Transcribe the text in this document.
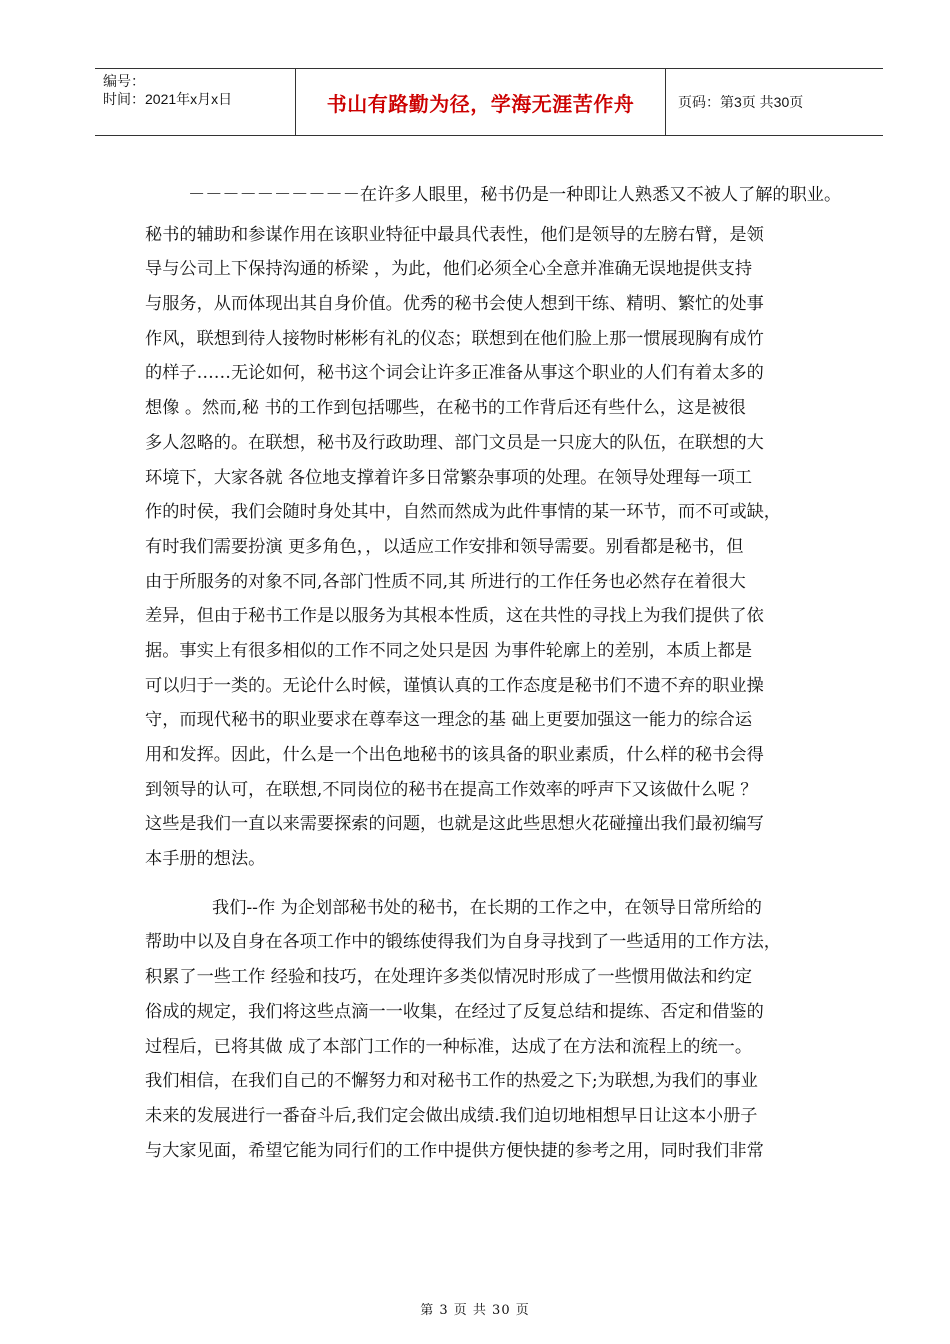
编号：
时间：2021年x月x日	书山有路勤为径，学海无涯苦作舟	页码：第3页 共30页
－－－－－－－－－－在许多人眼里，秘书仍是一种即让人熟悉又不被人了解的职业。
秘书的辅助和参谋作用在该职业特征中最具代表性，他们是领导的左膀右臂，是领
导与公司上下保持沟通的桥梁 ，为此，他们必须全心全意并准确无误地提供支持
与服务，从而体现出其自身价值。优秀的秘书会使人想到干练、精明、繁忙的处事
作风，联想到待人接物时彬彬有礼的仪态；联想到在他们脸上那一惯展现胸有成竹
的样子……无论如何，秘书这个词会让许多正准备从事这个职业的人们有着太多的
想像 。然而,秘 书的工作到包括哪些，在秘书的工作背后还有些什么，这是被很
多人忽略的。在联想，秘书及行政助理、部门文员是一只庞大的队伍，在联想的大
环境下，大家各就 各位地支撑着许多日常繁杂事项的处理。在领导处理每一项工
作的时侯，我们会随时身处其中，自然而然成为此件事情的某一环节，而不可或缺，
有时我们需要扮演 更多角色，，以适应工作安排和领导需要。别看都是秘书，但
由于所服务的对象不同,各部门性质不同,其 所进行的工作任务也必然存在着很大
差异，但由于秘书工作是以服务为其根本性质，这在共性的寻找上为我们提供了依
据。事实上有很多相似的工作不同之处只是因 为事件轮廓上的差别，本质上都是
可以归于一类的。无论什么时候，谨慎认真的工作态度是秘书们不遗不弃的职业操
守，而现代秘书的职业要求在尊奉这一理念的基 础上更要加强这一能力的综合运
用和发挥。因此，什么是一个出色地秘书的该具备的职业素质，什么样的秘书会得
到领导的认可，在联想,不同岗位的秘书在提高工作效率的呼声下又该做什么呢 ？
这些是我们一直以来需要探索的问题，也就是这此些思想火花碰撞出我们最初编写
本手册的想法。
我们--作 为企划部秘书处的秘书，在长期的工作之中，在领导日常所给的
帮助中以及自身在各项工作中的锻练使得我们为自身寻找到了一些适用的工作方法，
积累了一些工作 经验和技巧，在处理许多类似情况时形成了一些惯用做法和约定
俗成的规定，我们将这些点滴一一收集，在经过了反复总结和提练、否定和借鉴的
过程后，已将其做 成了本部门工作的一种标准，达成了在方法和流程上的统一。
我们相信，在我们自己的不懈努力和对秘书工作的热爱之下;为联想,为我们的事业
未来的发展进行一番奋斗后,我们定会做出成绩.我们迫切地相想早日让这本小册子
与大家见面，希望它能为同行们的工作中提供方便快捷的参考之用，同时我们非常
第 3 页 共 30 页
